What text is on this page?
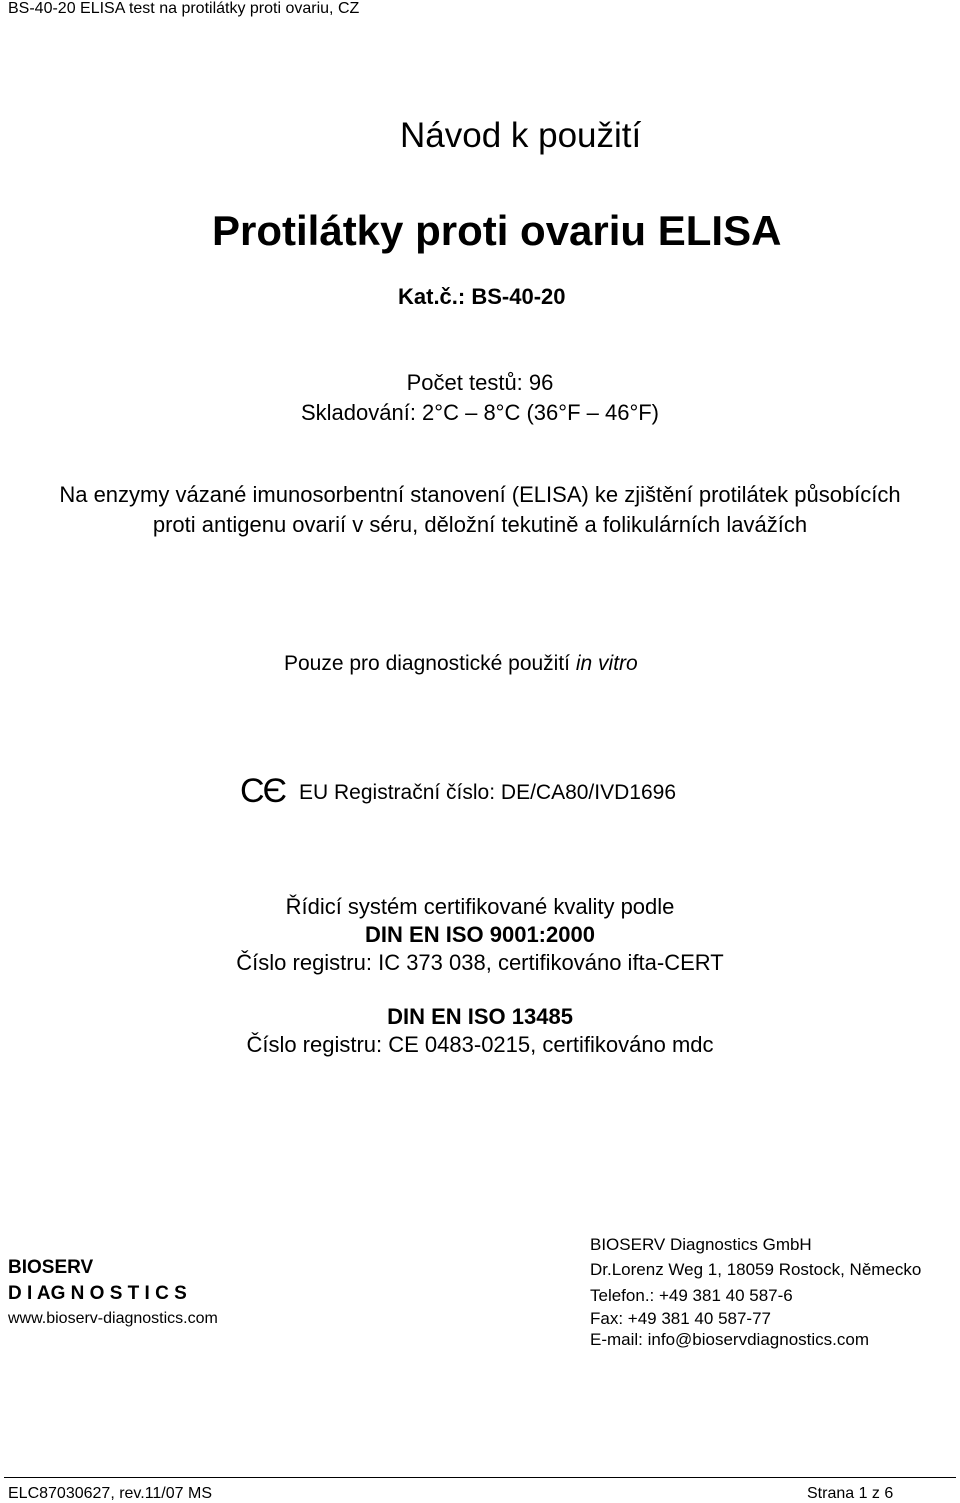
BS-40-20 ELISA test na protilátky proti ovariu, CZ
Návod k použití
Protilátky proti ovariu ELISA
Kat.č.: BS-40-20
Počet testů: 96
Skladování: 2°C – 8°C (36°F – 46°F)
Na enzymy vázané imunosorbentní stanovení (ELISA) ke zjištění protilátek působících
proti antigenu ovarií v séru, děložní tekutině a folikulárních lavážích
Pouze pro diagnostické použití in vitro
CЄ EU Registrační číslo: DE/CA80/IVD1696
Řídicí systém certifikované kvality podle
DIN EN ISO 9001:2000
Číslo registru: IC 373 038, certifikováno ifta-CERT
DIN EN ISO 13485
Číslo registru: CE 0483-0215, certifikováno mdc
BIOSERV
D I AG N O S T I C S
www.bioserv-diagnostics.com
BIOSERV Diagnostics GmbH
Dr.Lorenz Weg 1, 18059 Rostock, Německo
Telefon.: +49 381 40 587-6
Fax: +49 381 40 587-77
E-mail: info@bioservdiagnostics.com
ELC87030627, rev.11/07 MS	Strana 1 z 6
